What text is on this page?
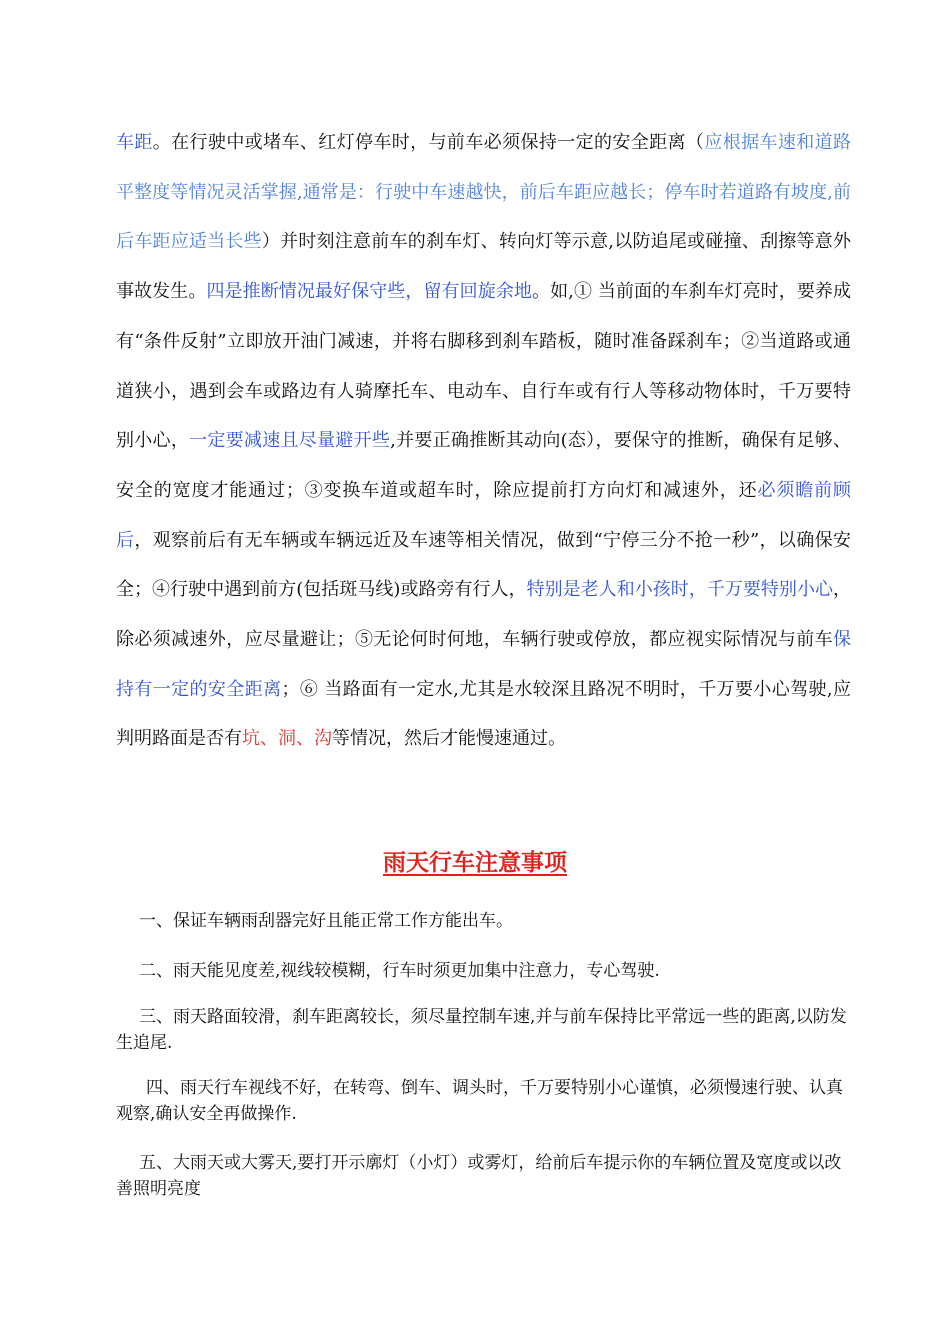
车距。在行驶中或堵车、红灯停车时，与前车必须保持一定的安全距离（应根据车速和道路平整度等情况灵活掌握,通常是：行驶中车速越快，前后车距应越长；停车时若道路有坡度,前后车距应适当长些）并时刻注意前车的刹车灯、转向灯等示意,以防追尾或碰撞、刮擦等意外事故发生。四是推断情况最好保守些，留有回旋余地。如,① 当前面的车刹车灯亮时，要养成有“条件反射”立即放开油门减速，并将右脚移到刹车踏板，随时准备踩刹车；②当道路或通道狭小，遇到会车或路边有人骑摩托车、电动车、自行车或有行人等移动物体时，千万要特别小心，一定要减速且尽量避开些,并要正确推断其动向(态），要保守的推断，确保有足够、安全的宽度才能通过；③变换车道或超车时，除应提前打方向灯和减速外，还必须瞻前顾后，观察前后有无车辆或车辆远近及车速等相关情况，做到“宁停三分不抢一秒”，以确保安全；④行驶中遇到前方(包括斑马线)或路旁有行人，特别是老人和小孩时，千万要特别小心，除必须减速外，应尽量避让；⑤无论何时何地，车辆行驶或停放，都应视实际情况与前车保持有一定的安全距离；⑥ 当路面有一定水,尤其是水较深且路况不明时，千万要小心驾驶,应判明路面是否有坑、洞、沟等情况，然后才能慢速通过。

雨天行车注意事项

一、保证车辆雨刮器完好且能正常工作方能出车。

二、雨天能见度差,视线较模糊，行车时须更加集中注意力，专心驾驶.

三、雨天路面较滑，刹车距离较长，须尽量控制车速,并与前车保持比平常远一些的距离,以防发生追尾.

四、雨天行车视线不好，在转弯、倒车、调头时，千万要特别小心谨慎，必须慢速行驶、认真观察,确认安全再做操作.

五、大雨天或大雾天,要打开示廓灯（小灯）或雾灯，给前后车提示你的车辆位置及宽度或以改善照明亮度
